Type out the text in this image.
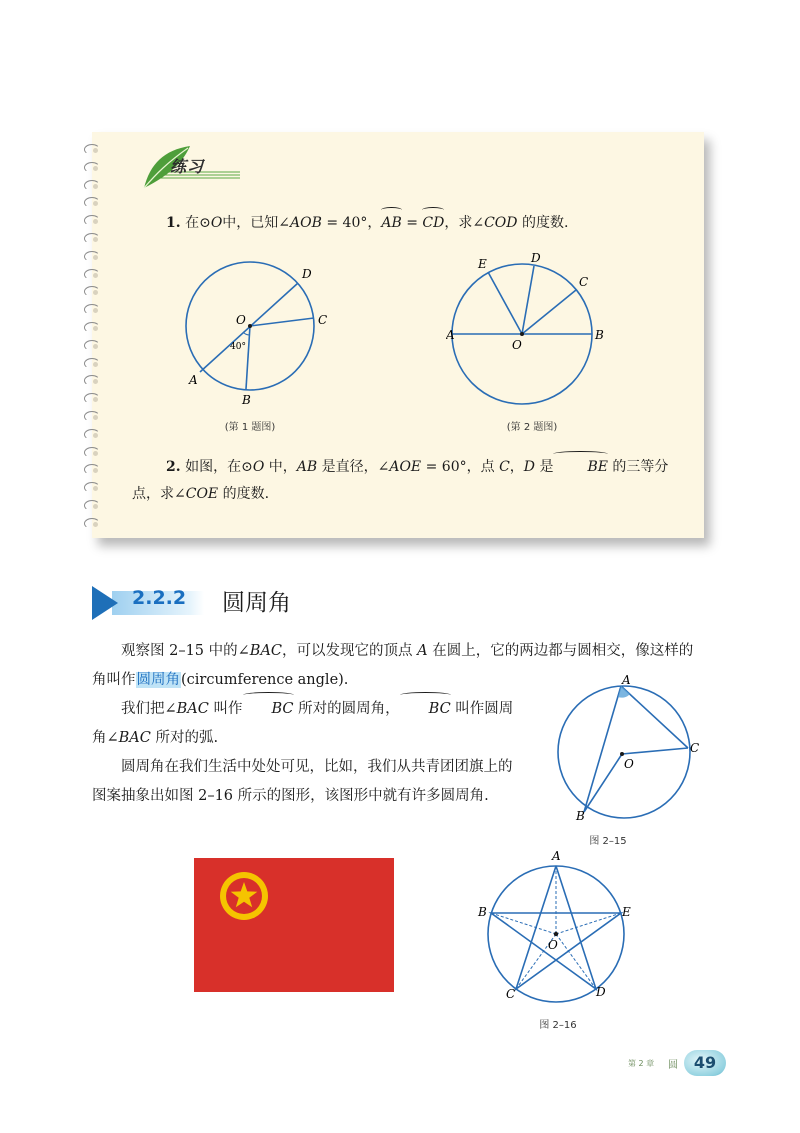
练习
1. 在⊙O中，已知∠AOB = 40°，AB = CD，求∠COD 的度数.
D
C
O
40°
A
B
(第 1 题图)
E	D
C
A	B
O
(第 2 题图)
2. 如图，在⊙O 中，AB 是直径，∠AOE = 60°，点 C，D 是 BE 的三等分点，求∠COE 的度数.
2.2.2 圆周角
观察图 2–15 中的∠BAC，可以发现它的顶点 A 在圆上，它的两边都与圆相交，像这样的角叫作圆周角(circumference angle).
我们把∠BAC 叫作 BC 所对的圆周角， BC 叫作圆周角∠BAC 所对的弧.
圆周角在我们生活中处处可见，比如，我们从共青团团旗上的图案抽象出如图 2–16 所示的图形，该图形中就有许多圆周角.
A
C
O
B
图 2–15
A
B	E
O
C	D
图 2–16
第 2 章 圆 49
